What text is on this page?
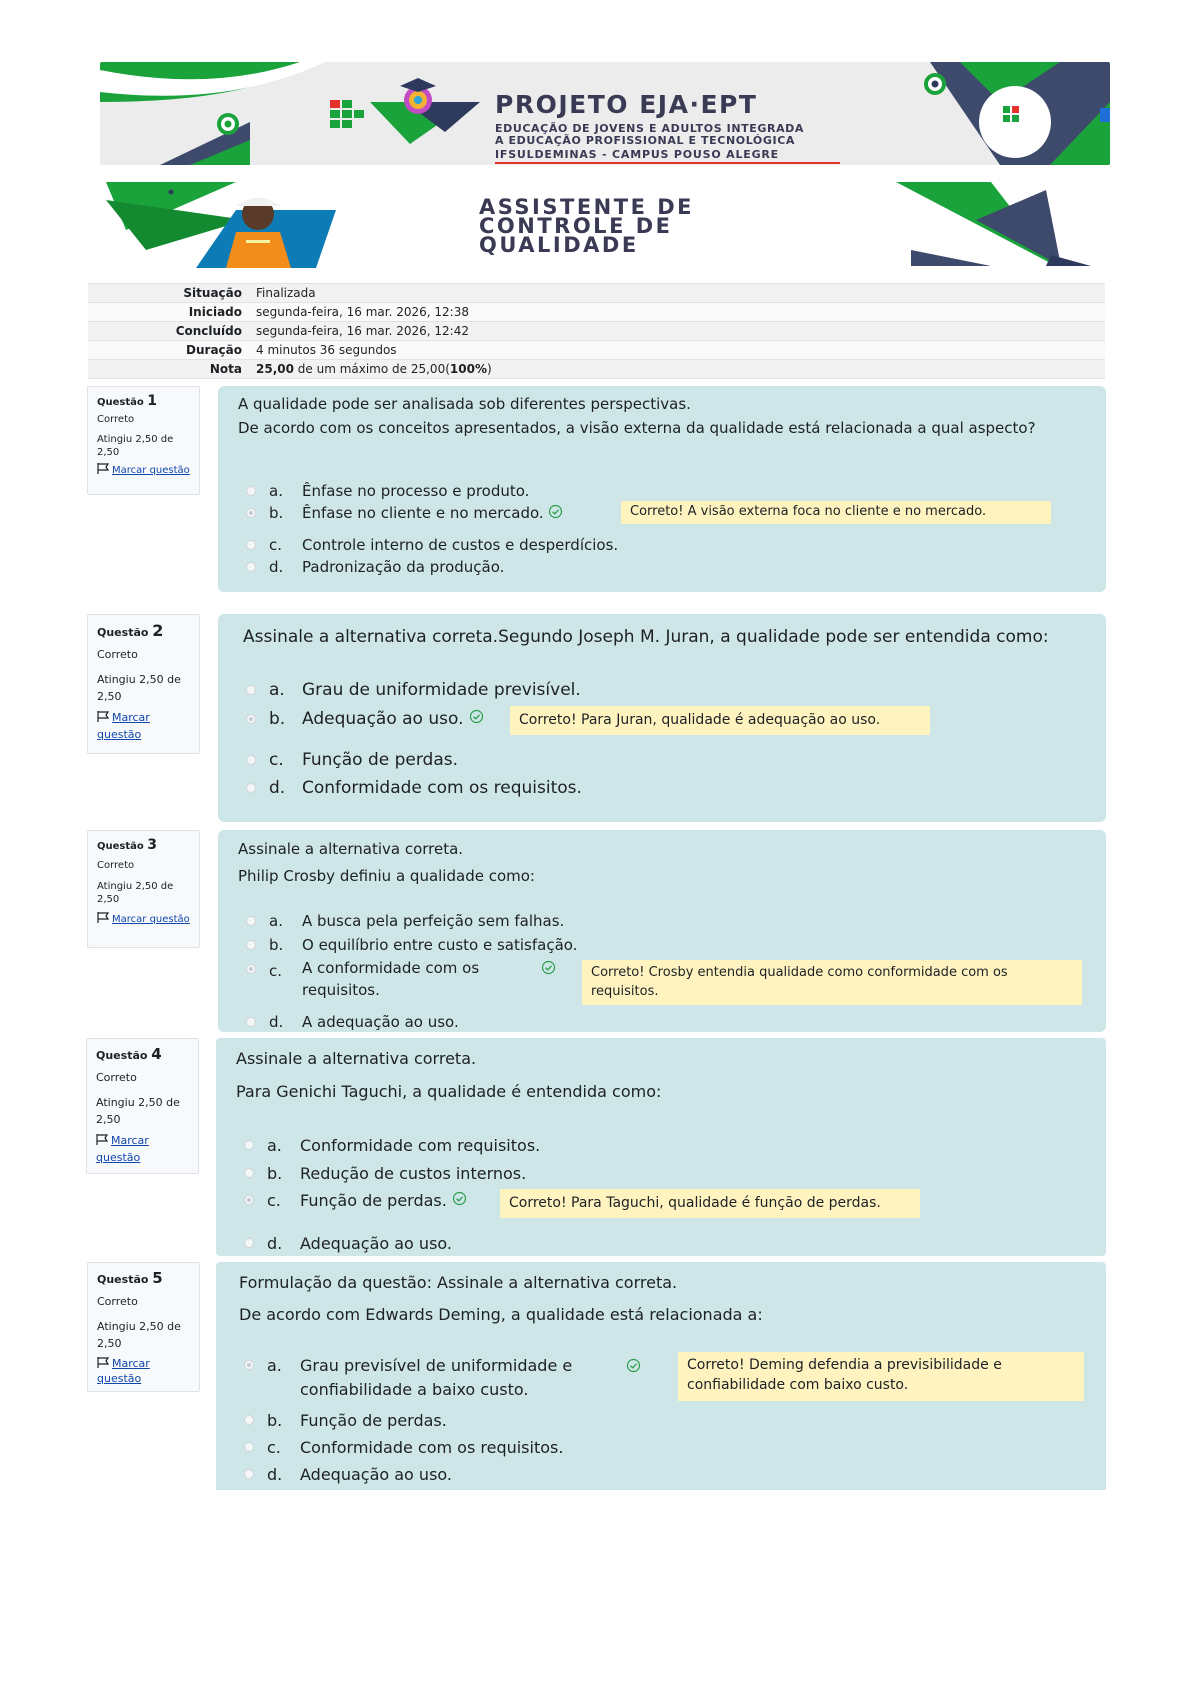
PROJETO EJA·EPT
EDUCAÇÃO DE JOVENS E ADULTOS INTEGRADA
A EDUCAÇÃO PROFISSIONAL E TECNOLÓGICA
IFSULDEMINAS - CAMPUS POUSO ALEGRE
ASSISTENTE DE
CONTROLE DE
QUALIDADE
Situação	Finalizada
Iniciado	segunda-feira, 16 mar. 2026, 12:38
Concluído	segunda-feira, 16 mar. 2026, 12:42
Duração	4 minutos 36 segundos
Nota	25,00 de um máximo de 25,00(100%)
Questão 1
Correto
Atingiu 2,50 de 2,50
Marcar questão
A qualidade pode ser analisada sob diferentes perspectivas.
De acordo com os conceitos apresentados, a visão externa da qualidade está relacionada a qual aspecto?
a.	Ênfase no processo e produto.
b.	Ênfase no cliente e no mercado.
	Correto! A visão externa foca no cliente e no mercado.
c.	Controle interno de custos e desperdícios.
d.	Padronização da produção.
Questão 2
Correto
Atingiu 2,50 de 2,50
Marcar questão
Assinale a alternativa correta.Segundo Joseph M. Juran, a qualidade pode ser entendida como:
a.	Grau de uniformidade previsível.
b. Adequação ao uso.
	Correto! Para Juran, qualidade é adequação ao uso.
c.	Função de perdas.
d. Conformidade com os requisitos.
Questão 3
Correto
Atingiu 2,50 de 2,50
Marcar questão
Assinale a alternativa correta.
Philip Crosby definiu a qualidade como:
a.	A busca pela perfeição sem falhas.
b.	O equilíbrio entre custo e satisfação.
c.	A conformidade com os requisitos.
Correto! Crosby entendia qualidade como conformidade com os requisitos.
d.	A adequação ao uso.
Questão 4
Correto
Atingiu 2,50 de 2,50
Marcar questão
Assinale a alternativa correta.
Para Genichi Taguchi, a qualidade é entendida como:
a.	Conformidade com requisitos.
b.	Redução de custos internos.
c.	Função de perdas.
	Correto! Para Taguchi, qualidade é função de perdas.
d.	Adequação ao uso.
Questão 5
Correto
Atingiu 2,50 de 2,50
Marcar questão
Formulação da questão: Assinale a alternativa correta.
De acordo com Edwards Deming, a qualidade está relacionada a:
a.	Grau previsível de uniformidade e confiabilidade a baixo custo.
Correto! Deming defendia a previsibilidade e confiabilidade com baixo custo.
b.	Função de perdas.
c.	Conformidade com os requisitos.
d.	Adequação ao uso.
